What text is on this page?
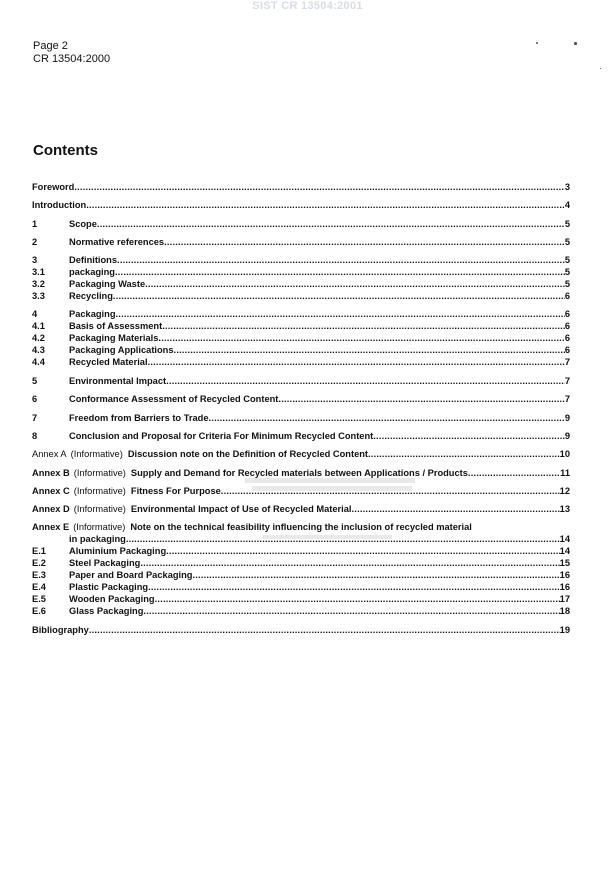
SIST CR 13504:2001
Page 2
CR 13504:2000
Contents
Foreword .....	3
Introduction .....	4
1	Scope .....	5
2	Normative references .....	5
3	Definitions .....	5
3.1	packaging .....	5
3.2	Packaging Waste .....	5
3.3	Recycling .....	6
4	Packaging .....	6
4.1	Basis of Assessment .....	6
4.2	Packaging Materials .....	6
4.3	Packaging Applications .....	6
4.4	Recycled Material .....	7
5	Environmental Impact .....	7
6	Conformance Assessment of Recycled Content .....	7
7	Freedom from Barriers to Trade .....	9
8	Conclusion and Proposal for Criteria For Minimum Recycled Content .....	9
Annex A (Informative) Discussion note on the Definition of Recycled Content .....	10
Annex B (Informative) Supply and Demand for Recycled materials between Applications / Products .....	11
Annex C (Informative) Fitness For Purpose .....	12
Annex D (Informative) Environmental Impact of Use of Recycled Material .....	13
Annex E (Informative) Note on the technical feasibility influencing the inclusion of recycled material
in packaging .....	14
E.1	Aluminium Packaging .....	14
E.2	Steel Packaging .....	15
E.3	Paper and Board Packaging .....	16
E.4	Plastic Packaging .....	16
E.5	Wooden Packaging .....	17
E.6	Glass Packaging .....	18
Bibliography .....	19
